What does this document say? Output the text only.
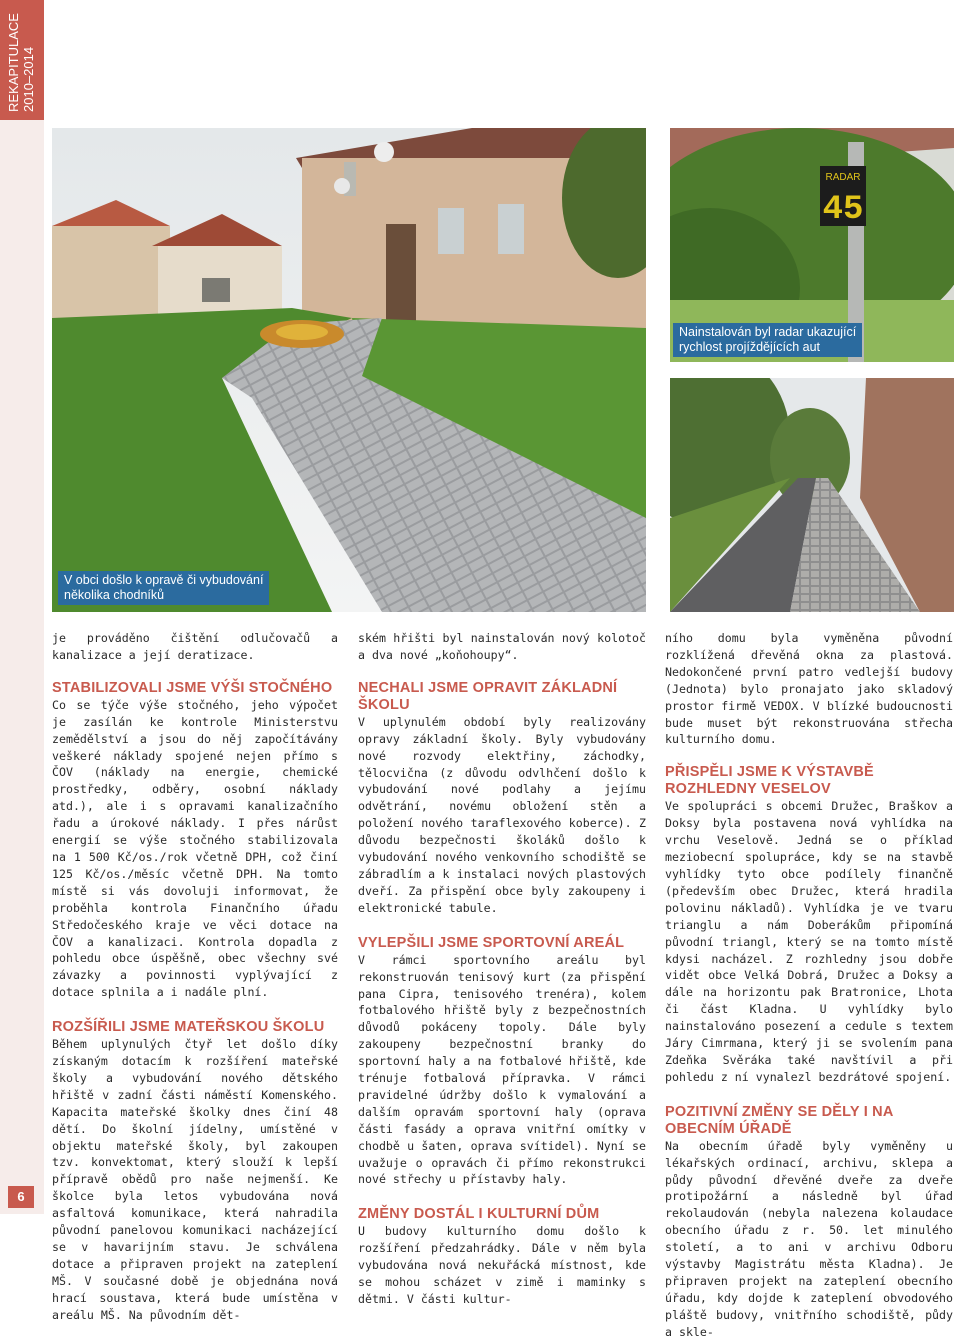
REKAPITULACE
2010–2014
6
V obci došlo k opravě či vybudování
několika chodníků
RADAR
45
Nainstalován byl radar ukazující
rychlost projíždějících aut

je prováděno čištění odlučovačů a kanalizace a její deratizace.

STABILIZOVALI JSME VÝŠI STOČNÉHO

Co se týče výše stočného, jeho výpočet je zasílán ke kontrole Ministerstvu zemědělství a jsou do něj započítávány veškeré náklady spojené nejen přímo s ČOV (náklady na energie, chemické prostředky, odběry, osobní náklady atd.), ale i s opravami kanalizačního řadu a úrokové náklady. I přes nárůst energií se výše stočného stabilizovala na 1 500 Kč/os./rok včetně DPH, což činí 125 Kč/os./měsíc včetně DPH. Na tomto místě si vás dovoluji informovat, že proběhla kontrola Finančního úřadu Středočeského kraje ve věci dotace na ČOV a kanalizaci. Kontrola dopadla z pohledu obce úspěšně, obec všechny své závazky a povinnosti vyplývající z dotace splnila a i nadále plní.

ROZŠÍŘILI JSME MATEŘSKOU ŠKOLU

Během uplynulých čtyř let došlo díky získaným dotacím k rozšíření mateřské školy a vybudování nového dětského hřiště v zadní části náměstí Komenského. Kapacita mateřské školky dnes činí 48 dětí. Do školní jídelny, umístěné v objektu mateřské školy, byl zakoupen tzv. konvektomat, který slouží k lepší přípravě obědů pro naše nejmenší. Ke školce byla letos vybudována nová asfaltová komunikace, která nahradila původní panelovou komunikaci nacházející se v havarijním stavu. Je schválena dotace a připraven projekt na zateplení MŠ. V současné době je objednána nová hrací soustava, která bude umístěna v areálu MŠ. Na původním dět-

ském hřišti byl nainstalován nový kolotoč a dva nové „koňohoupy“.

NECHALI JSME OPRAVIT ZÁKLADNÍ ŠKOLU

V uplynulém období byly realizovány opravy základní školy. Byly vybudovány nové rozvody elektřiny, záchodky, tělocvična (z důvodu odvlhčení došlo k vybudování nové podlahy a jejímu odvětrání, novému obložení stěn a položení nového taraflexového koberce). Z důvodu bezpečnosti školáků došlo k vybudování nového venkovního schodiště se zábradlím a k instalaci nových plastových dveří. Za přispění obce byly zakoupeny i elektronické tabule.

VYLEPŠILI JSME SPORTOVNÍ AREÁL

V rámci sportovního areálu byl rekonstruován tenisový kurt (za přispění pana Cipra, tenisového trenéra), kolem fotbalového hřiště byly z bezpečnostních důvodů pokáceny topoly. Dále byly zakoupeny bezpečnostní branky do sportovní haly a na fotbalové hřiště, kde trénuje fotbalová přípravka. V rámci pravidelné údržby došlo k vymalování a dalším opravám sportovní haly (oprava části fasády a oprava vnitřní omítky v chodbě u šaten, oprava svítidel). Nyní se uvažuje o opravách či přímo rekonstrukci nové střechy u přístavby haly.

ZMĚNY DOSTÁL I KULTURNÍ DŮM

U budovy kulturního domu došlo k rozšíření předzahrádky. Dále v něm byla vybudována nová nekuřácká místnost, kde se mohou scházet v zimě i maminky s dětmi. V části kultur-

ního domu byla vyměněna původní rozklížená dřevěná okna za plastová. Nedokončené první patro vedlejší budovy (Jednota) bylo pronajato jako skladový prostor firmě VEDOX. V blízké budoucnosti bude muset být rekonstruována střecha kulturního domu.

PŘISPĚLI JSME K VÝSTAVBĚ ROZHLEDNY VESELOV

Ve spolupráci s obcemi Družec, Braškov a Doksy byla postavena nová vyhlídka na vrchu Veselově. Jedná se o příklad meziobecní spolupráce, kdy se na stavbě vyhlídky tyto obce podílely finančně (především obec Družec, která hradila polovinu nákladů). Vyhlídka je ve tvaru trianglu a nám Doberákům připomíná původní triangl, který se na tomto místě kdysi nacházel. Z rozhledny jsou dobře vidět obce Velká Dobrá, Družec a Doksy a dále na horizontu pak Bratronice, Lhota či část Kladna. U vyhlídky bylo nainstalováno posezení a cedule s textem Járy Cimrmana, který ji se svolením pana Zdeňka Svěráka také navštívil a při pohledu z ní vynalezl bezdrátové spojení.

POZITIVNÍ ZMĚNY SE DĚLY I NA OBECNÍM ÚŘADĚ

Na obecním úřadě byly vyměněny u lékařských ordinací, archivu, sklepa a půdy původní dřevěné dveře za dveře protipožární a následně byl úřad rekolaudován (nebyla nalezena kolaudace obecního úřadu z r. 50. let minulého století, a to ani v archivu Odboru výstavby Magistrátu města Kladna). Je připraven projekt na zateplení obecního úřadu, kdy dojde k zateplení obvodového pláště budovy, vnitřního schodiště, půdy a skle-
